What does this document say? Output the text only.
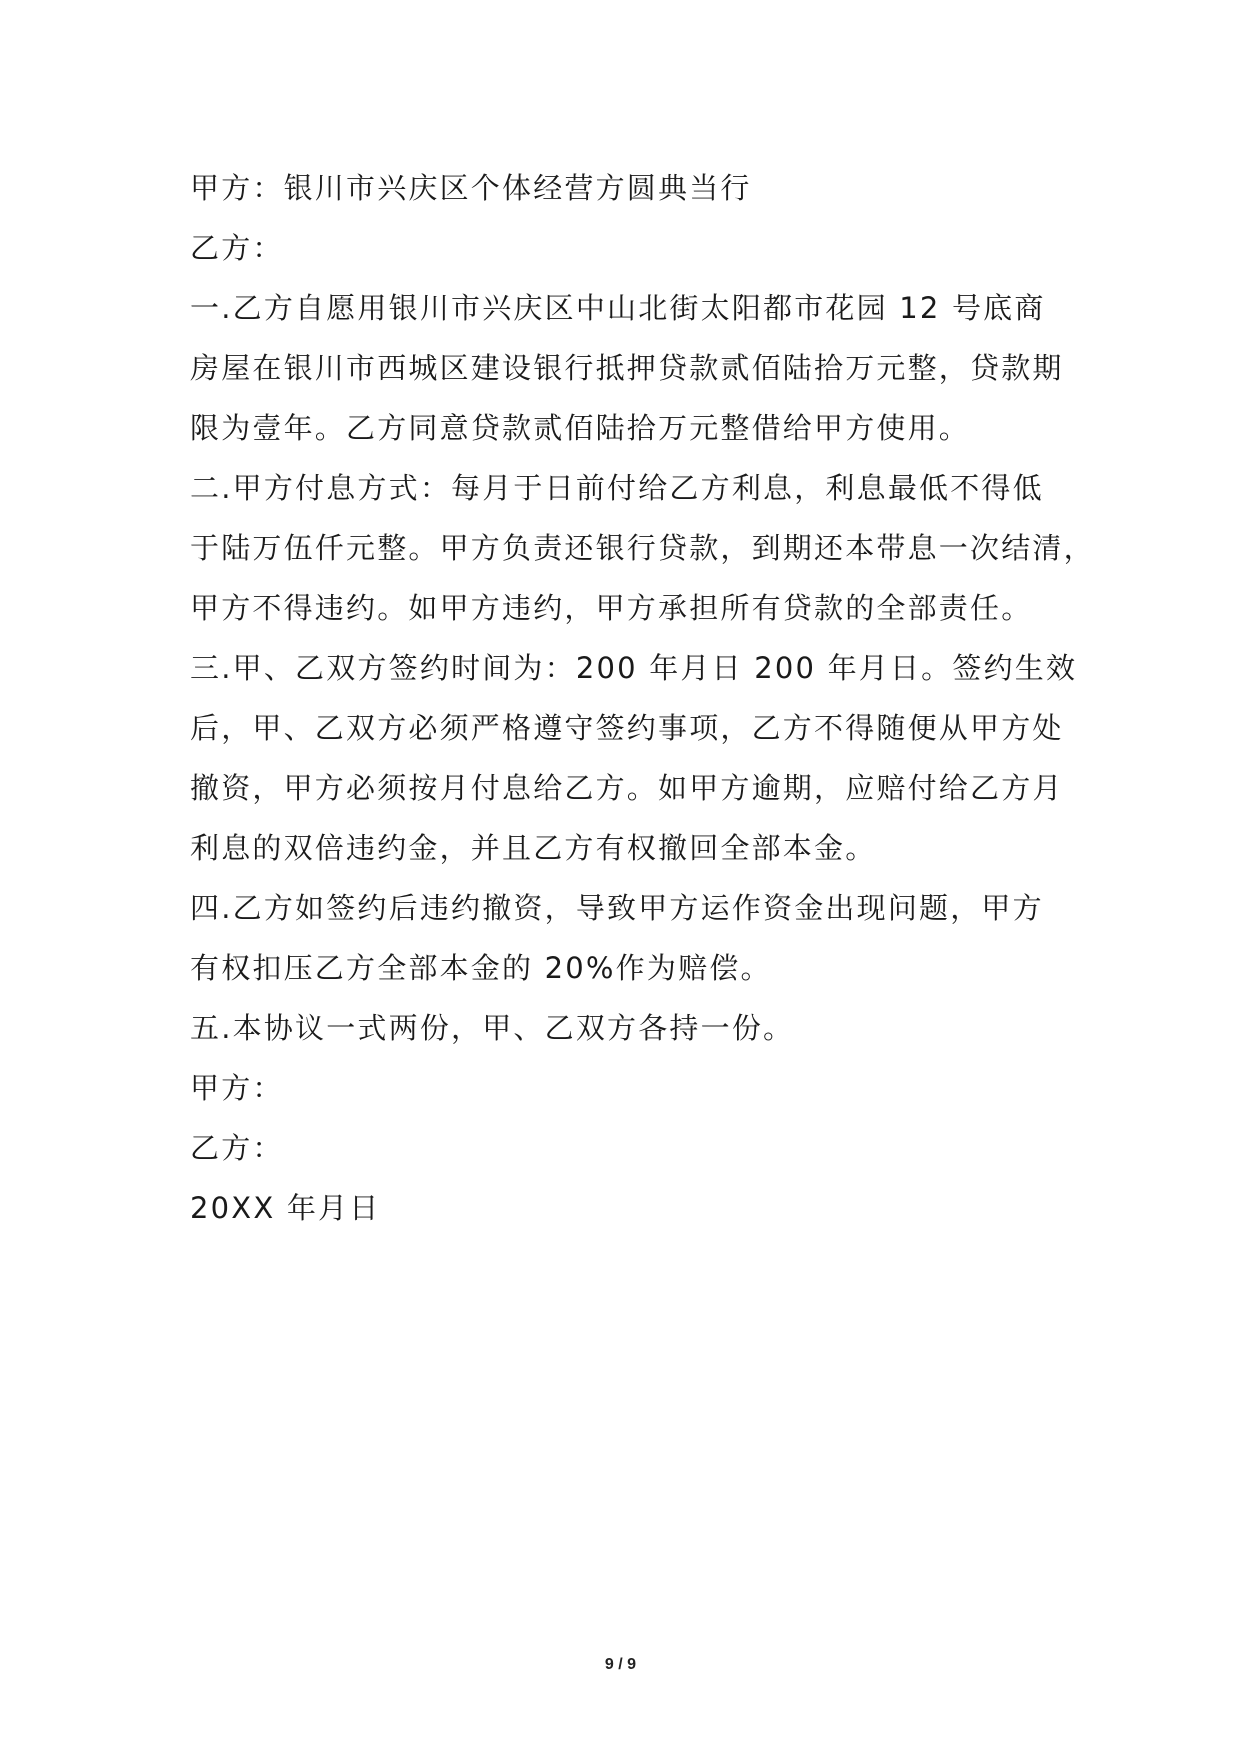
甲方：银川市兴庆区个体经营方圆典当行
乙方：
一.乙方自愿用银川市兴庆区中山北街太阳都市花园 12 号底商
房屋在银川市西城区建设银行抵押贷款贰佰陆拾万元整，贷款期
限为壹年。乙方同意贷款贰佰陆拾万元整借给甲方使用。
二.甲方付息方式：每月于日前付给乙方利息，利息最低不得低
于陆万伍仟元整。甲方负责还银行贷款，到期还本带息一次结清，
甲方不得违约。如甲方违约，甲方承担所有贷款的全部责任。
三.甲、乙双方签约时间为：200 年月日 200 年月日。签约生效
后，甲、乙双方必须严格遵守签约事项，乙方不得随便从甲方处
撤资，甲方必须按月付息给乙方。如甲方逾期，应赔付给乙方月
利息的双倍违约金，并且乙方有权撤回全部本金。
四.乙方如签约后违约撤资，导致甲方运作资金出现问题，甲方
有权扣压乙方全部本金的 20%作为赔偿。
五.本协议一式两份，甲、乙双方各持一份。
甲方：
乙方：
20XX 年月日
9 / 9
